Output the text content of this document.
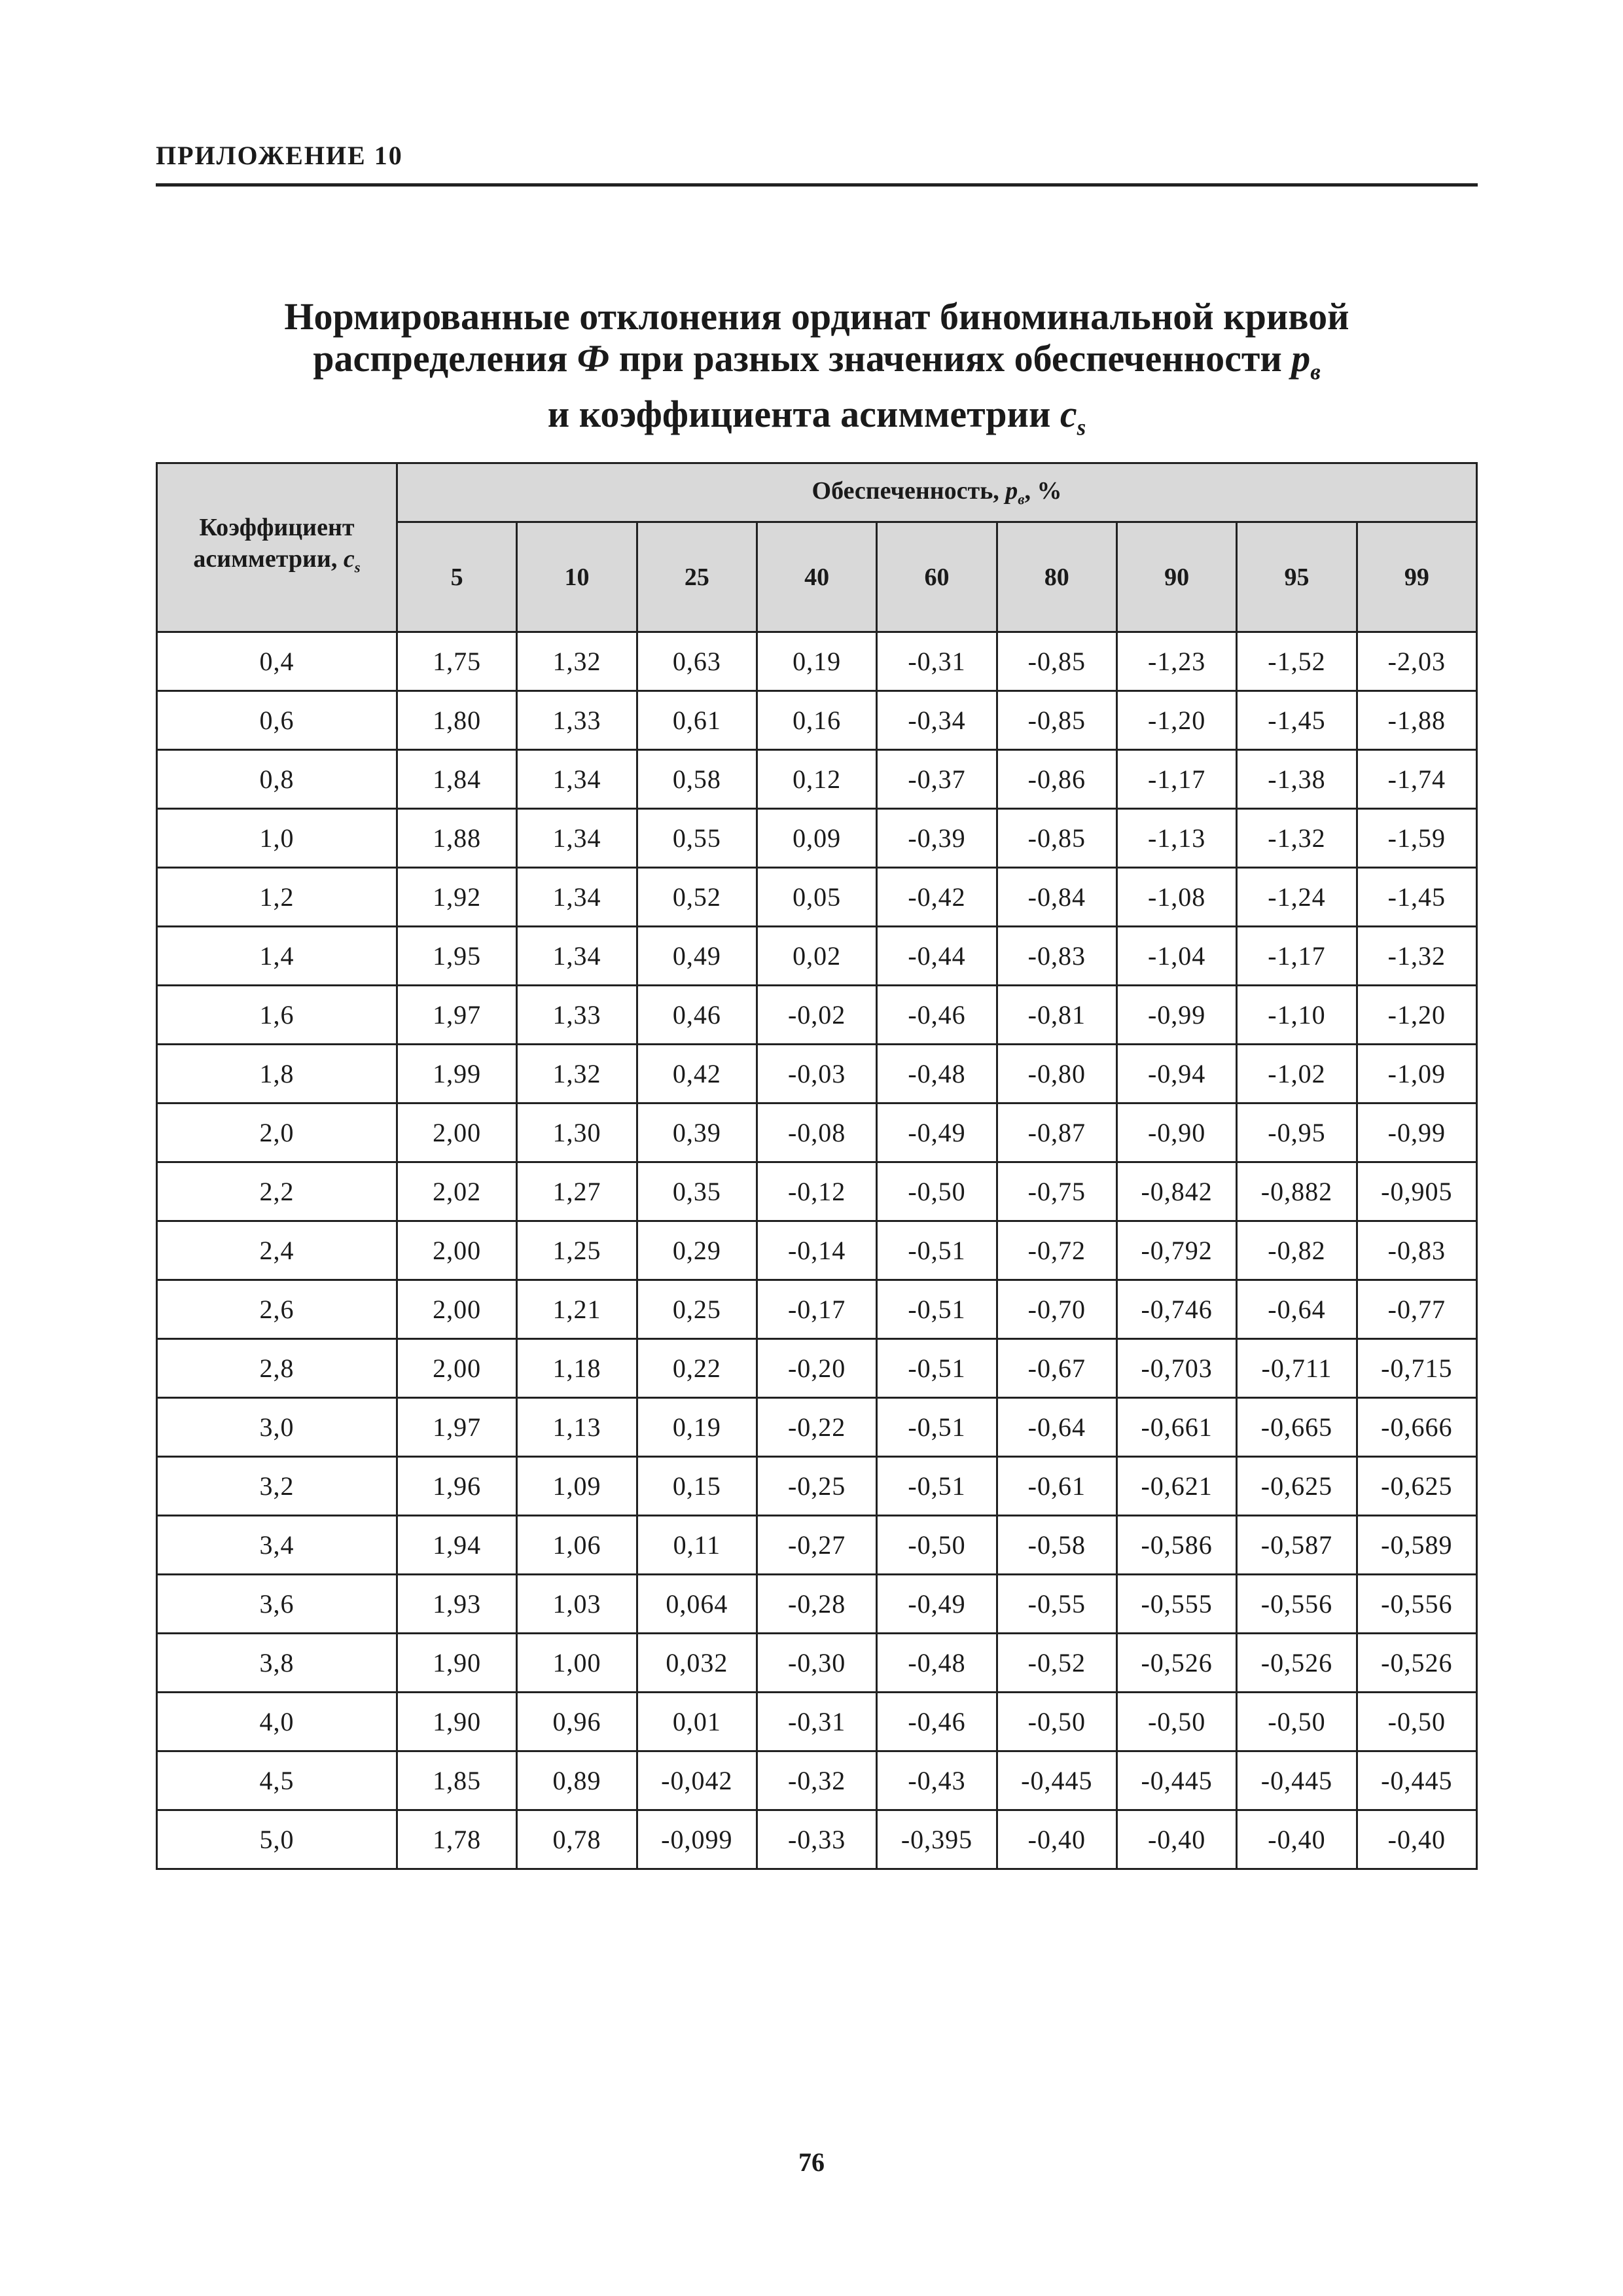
ПРИЛОЖЕНИЕ 10
Нормированные отклонения ординат биноминальной кривой
распределения Ф при разных значениях обеспеченности $p_в$
и коэффициента асимметрии $c_s$
Коэффициент
асимметрии, $c_s$	Обеспеченность, $p_в$, %								
	5	10	25	40	60	80	90	95	99
0,4	1,75	1,32	0,63	0,19	-0,31	-0,85	-1,23	-1,52	-2,03
0,6	1,80	1,33	0,61	0,16	-0,34	-0,85	-1,20	-1,45	-1,88
0,8	1,84	1,34	0,58	0,12	-0,37	-0,86	-1,17	-1,38	-1,74
1,0	1,88	1,34	0,55	0,09	-0,39	-0,85	-1,13	-1,32	-1,59
1,2	1,92	1,34	0,52	0,05	-0,42	-0,84	-1,08	-1,24	-1,45
1,4	1,95	1,34	0,49	0,02	-0,44	-0,83	-1,04	-1,17	-1,32
1,6	1,97	1,33	0,46	-0,02	-0,46	-0,81	-0,99	-1,10	-1,20
1,8	1,99	1,32	0,42	-0,03	-0,48	-0,80	-0,94	-1,02	-1,09
2,0	2,00	1,30	0,39	-0,08	-0,49	-0,87	-0,90	-0,95	-0,99
2,2	2,02	1,27	0,35	-0,12	-0,50	-0,75	-0,842	-0,882	-0,905
2,4	2,00	1,25	0,29	-0,14	-0,51	-0,72	-0,792	-0,82	-0,83
2,6	2,00	1,21	0,25	-0,17	-0,51	-0,70	-0,746	-0,64	-0,77
2,8	2,00	1,18	0,22	-0,20	-0,51	-0,67	-0,703	-0,711	-0,715
3,0	1,97	1,13	0,19	-0,22	-0,51	-0,64	-0,661	-0,665	-0,666
3,2	1,96	1,09	0,15	-0,25	-0,51	-0,61	-0,621	-0,625	-0,625
3,4	1,94	1,06	0,11	-0,27	-0,50	-0,58	-0,586	-0,587	-0,589
3,6	1,93	1,03	0,064	-0,28	-0,49	-0,55	-0,555	-0,556	-0,556
3,8	1,90	1,00	0,032	-0,30	-0,48	-0,52	-0,526	-0,526	-0,526
4,0	1,90	0,96	0,01	-0,31	-0,46	-0,50	-0,50	-0,50	-0,50
4,5	1,85	0,89	-0,042	-0,32	-0,43	-0,445	-0,445	-0,445	-0,445
5,0	1,78	0,78	-0,099	-0,33	-0,395	-0,40	-0,40	-0,40	-0,40
76
